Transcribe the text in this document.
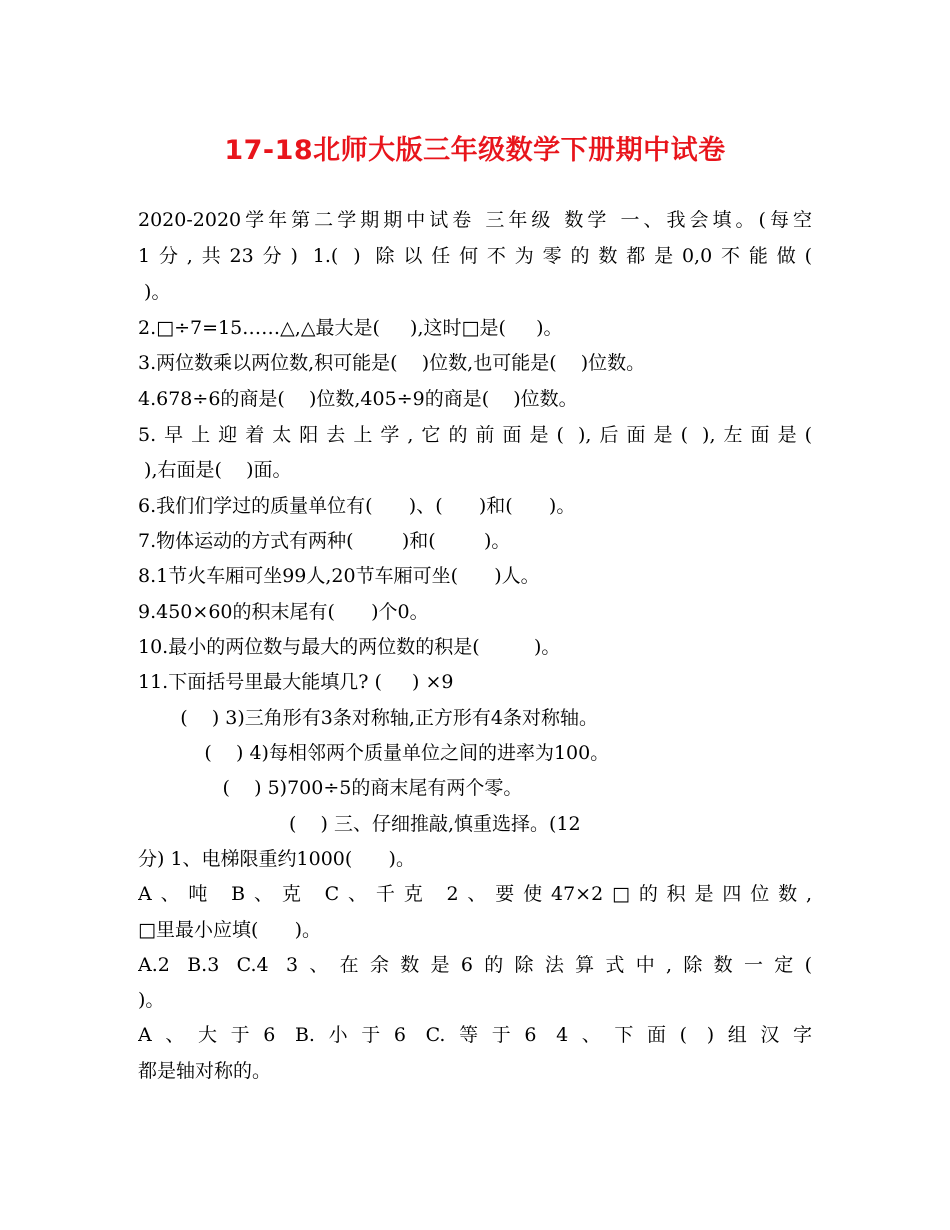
17-18北师大版三年级数学下册期中试卷
2020-2020学年第二学期期中试卷 三年级 数学 一、我会填。(每空
1分,共23分) 1.( ) 除以任何不为零的数都是0,0不能做(
)。
2.□÷7=15……△,△最大是(     ),这时□是(     )。
3.两位数乘以两位数,积可能是(    )位数,也可能是(    )位数。
4.678÷6的商是(    )位数,405÷9的商是(    )位数。
5.早上迎着太阳去上学,它的前面是( ),后面是( ),左面是(
),右面是(    )面。
6.我们们学过的质量单位有(      )、(      )和(      )。
7.物体运动的方式有两种(        )和(        )。
8.1节火车厢可坐99人,20节车厢可坐(      )人。
9.450×60的积末尾有(      )个0。
10.最小的两位数与最大的两位数的积是(         )。
11.下面括号里最大能填几? (     ) ×9
(    ) 3)三角形有3条对称轴,正方形有4条对称轴。
(    ) 4)每相邻两个质量单位之间的进率为100。
(    ) 5)700÷5的商末尾有两个零。
(    ) 三、仔细推敲,慎重选择。(12
分) 1、电梯限重约1000(      )。
A、吨 B、克 C、千克 2、要使47×2□的积是四位数,
□里最小应填(      )。
A.2 B.3 C.4 3、在余数是6的除法算式中,除数一定(
)。
A、大于6 B.小于6 C.等于6 4、下面( )组汉字
都是轴对称的。
